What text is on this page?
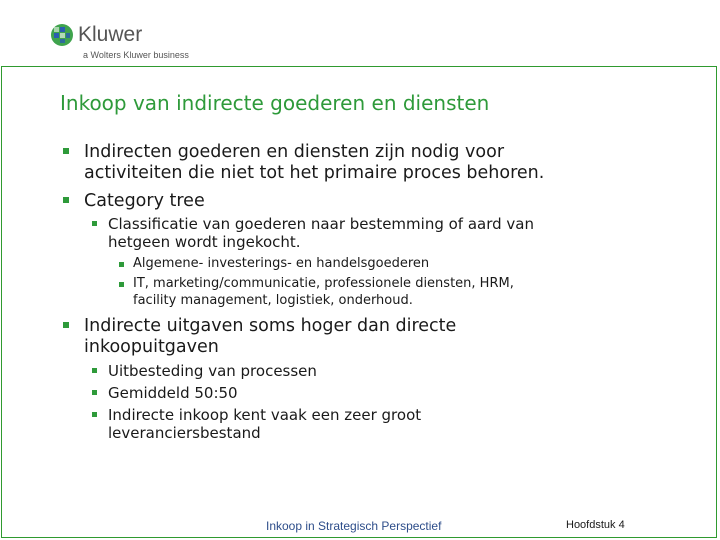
Kluwer
a Wolters Kluwer business
Inkoop van indirecte goederen en diensten
Indirecten goederen en diensten zijn nodig voor
activiteiten die niet tot het primaire proces behoren.
Category tree
Classificatie van goederen naar bestemming of aard van
hetgeen wordt ingekocht.
Algemene- investerings- en handelsgoederen
IT, marketing/communicatie, professionele diensten, HRM,
facility management, logistiek, onderhoud.
Indirecte uitgaven soms hoger dan directe
inkoopuitgaven
Uitbesteding van processen
Gemiddeld 50:50
Indirecte inkoop kent vaak een zeer groot
leveranciersbestand
Inkoop in Strategisch Perspectief	Hoofdstuk 4
